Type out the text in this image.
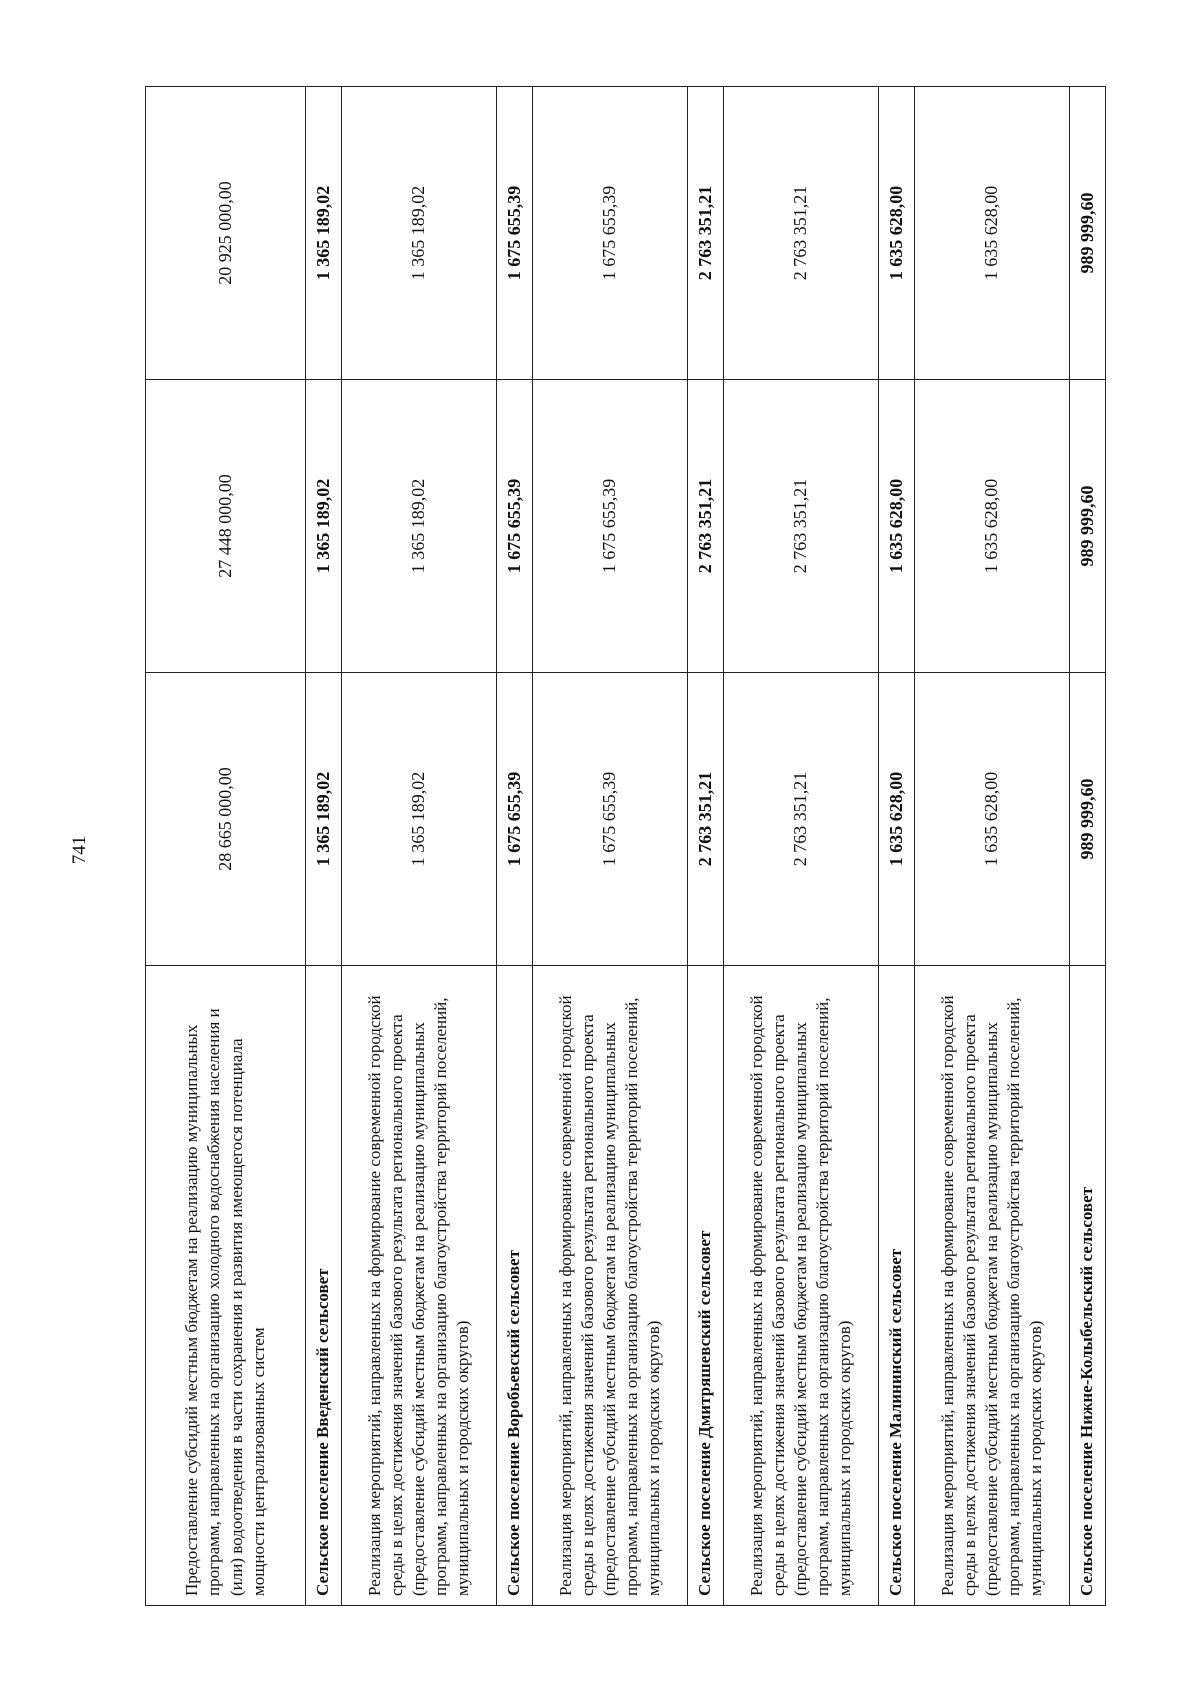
741
Предоставление субсидий местным бюджетам на реализацию муниципальных программ, направленных на организацию холодного водоснабжения населения и (или) водоотведения в части сохранения и развития имеющегося потенциала мощности централизованных систем	28 665 000,00	27 448 000,00	20 925 000,00
Сельское поселение Введенский сельсовет	1 365 189,02	1 365 189,02	1 365 189,02
Реализация мероприятий, направленных на формирование современной городской среды в целях достижения значений базового результата регионального проекта (предоставление субсидий местным бюджетам на реализацию муниципальных программ, направленных на организацию благоустройства территорий поселений, муниципальных и городских округов)	1 365 189,02	1 365 189,02	1 365 189,02
Сельское поселение Воробьевский сельсовет	1 675 655,39	1 675 655,39	1 675 655,39
Реализация мероприятий, направленных на формирование современной городской среды в целях достижения значений базового результата регионального проекта (предоставление субсидий местным бюджетам на реализацию муниципальных программ, направленных на организацию благоустройства территорий поселений, муниципальных и городских округов)	1 675 655,39	1 675 655,39	1 675 655,39
Сельское поселение Дмитряшевский сельсовет	2 763 351,21	2 763 351,21	2 763 351,21
Реализация мероприятий, направленных на формирование современной городской среды в целях достижения значений базового результата регионального проекта (предоставление субсидий местным бюджетам на реализацию муниципальных программ, направленных на организацию благоустройства территорий поселений, муниципальных и городских округов)	2 763 351,21	2 763 351,21	2 763 351,21
Сельское поселение Малининский сельсовет	1 635 628,00	1 635 628,00	1 635 628,00
Реализация мероприятий, направленных на формирование современной городской среды в целях достижения значений базового результата регионального проекта (предоставление субсидий местным бюджетам на реализацию муниципальных программ, направленных на организацию благоустройства территорий поселений, муниципальных и городских округов)	1 635 628,00	1 635 628,00	1 635 628,00
Сельское поселение Нижне-Колыбельский сельсовет	989 999,60	989 999,60	989 999,60
